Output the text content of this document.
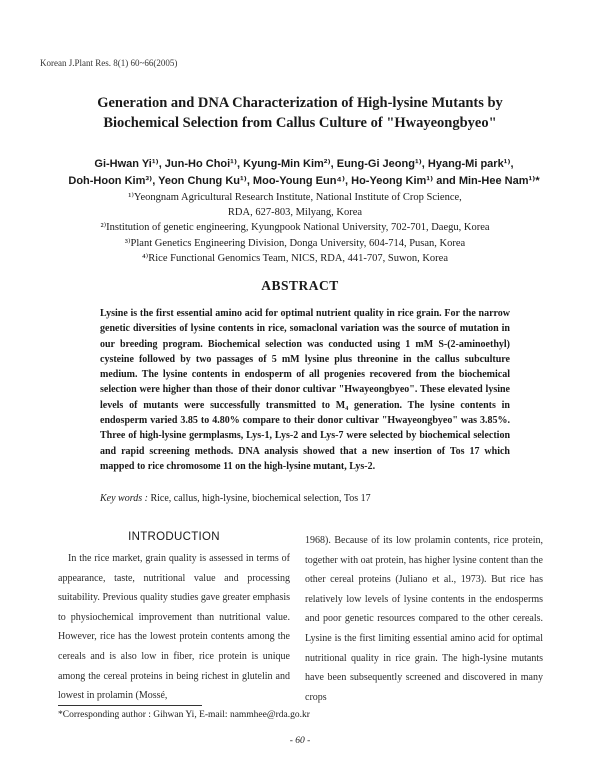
Korean J.Plant Res. 8(1) 60~66(2005)
Generation and DNA Characterization of High-lysine Mutants by
Biochemical Selection from Callus Culture of "Hwayeongbyeo"
Gi-Hwan Yi¹⁾, Jun-Ho Choi¹⁾, Kyung-Min Kim²⁾, Eung-Gi Jeong¹⁾, Hyang-Mi park¹⁾,
Doh-Hoon Kim³⁾, Yeon Chung Ku¹⁾, Moo-Young Eun⁴⁾, Ho-Yeong Kim¹⁾ and Min-Hee Nam¹⁾*
¹⁾Yeongnam Agricultural Research Institute, National Institute of Crop Science,
RDA, 627-803, Milyang, Korea
²⁾Institution of genetic engineering, Kyungpook National University, 702-701, Daegu, Korea
³⁾Plant Genetics Engineering Division, Donga University, 604-714, Pusan, Korea
⁴⁾Rice Functional Genomics Team, NICS, RDA, 441-707, Suwon, Korea
ABSTRACT

Lysine is the first essential amino acid for optimal nutrient quality in rice grain. For the narrow genetic diversities of lysine contents in rice, somaclonal variation was the source of mutation in our breeding program. Biochemical selection was conducted using 1 mM S-(2-aminoethyl) cysteine followed by two passages of 5 mM lysine plus threonine in the callus subculture medium. The lysine contents in endosperm of all progenies recovered from the biochemical selection were higher than those of their donor cultivar "Hwayeongbyeo". These elevated lysine levels of mutants were successfully transmitted to M₄ generation. The lysine contents in endosperm varied 3.85 to 4.80% compare to their donor cultivar "Hwayeongbyeo" was 3.85%. Three of high-lysine germplasms, Lys-1, Lys-2 and Lys-7 were selected by biochemical selection and rapid screening methods. DNA analysis showed that a new insertion of Tos 17 which mapped to rice chromosome 11 on the high-lysine mutant, Lys-2.

Key words : Rice, callus, high-lysine, biochemical selection, Tos 17
INTRODUCTION

In the rice market, grain quality is assessed in terms of appearance, taste, nutritional value and processing suitability. Previous quality studies gave greater emphasis to physiochemical improvement than nutritional value. However, rice has the lowest protein contents among the cereals and is also low in fiber, rice protein is unique among the cereal proteins in being richest in glutelin and lowest in prolamin (Mossé,

1968). Because of its low prolamin contents, rice protein, together with oat protein, has higher lysine content than the other cereal proteins (Juliano et al., 1973). But rice has relatively low levels of lysine contents in the endosperms and poor genetic resources compared to the other cereals. Lysine is the first limiting essential amino acid for optimal nutritional quality in rice grain. The high-lysine mutants have been subsequently screened and discovered in many crops

*Corresponding author : Gihwan Yi, E-mail: nammhee@rda.go.kr
- 60 -
